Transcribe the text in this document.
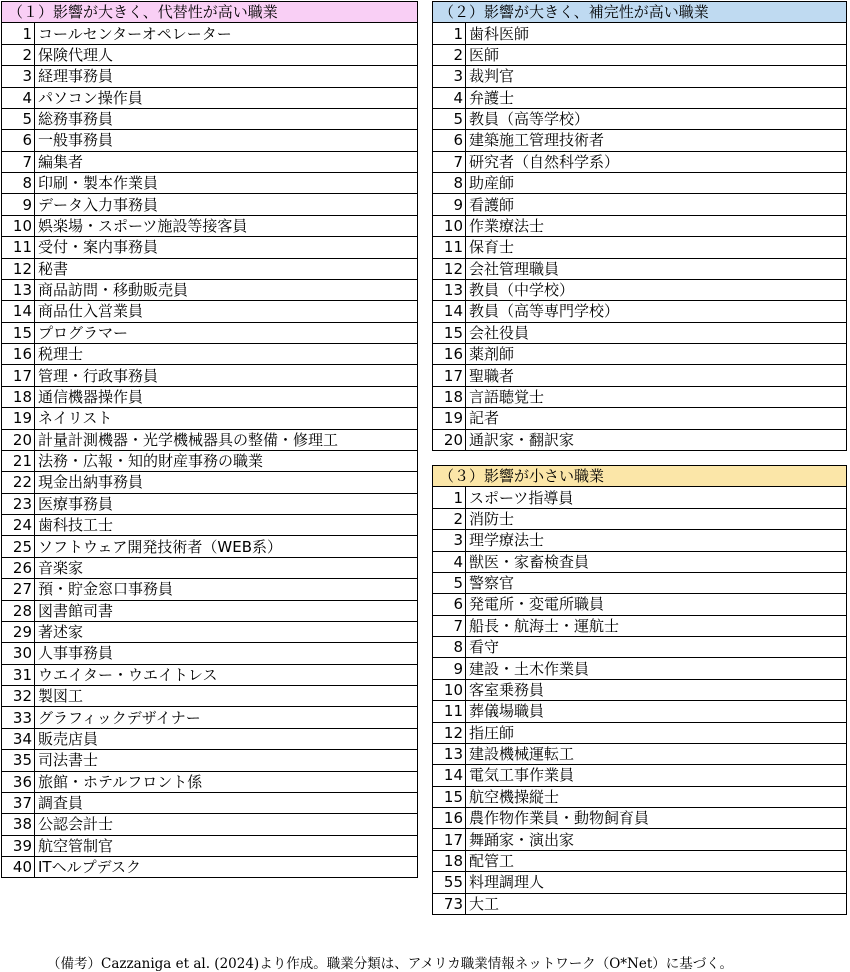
（１）影響が大きく、代替性が高い職業	
1	コールセンターオペレーター
2	保険代理人
3	経理事務員
4	パソコン操作員
5	総務事務員
6	一般事務員
7	編集者
8	印刷・製本作業員
9	データ入力事務員
10	娯楽場・スポーツ施設等接客員
11	受付・案内事務員
12	秘書
13	商品訪問・移動販売員
14	商品仕入営業員
15	プログラマー
16	税理士
17	管理・行政事務員
18	通信機器操作員
19	ネイリスト
20	計量計測機器・光学機械器具の整備・修理工
21	法務・広報・知的財産事務の職業
22	現金出納事務員
23	医療事務員
24	歯科技工士
25	ソフトウェア開発技術者（WEB系）
26	音楽家
27	預・貯金窓口事務員
28	図書館司書
29	著述家
30	人事事務員
31	ウエイター・ウエイトレス
32	製図工
33	グラフィックデザイナー
34	販売店員
35	司法書士
36	旅館・ホテルフロント係
37	調査員
38	公認会計士
39	航空管制官
40	ITヘルプデスク
（２）影響が大きく、補完性が高い職業	
1	歯科医師
2	医師
3	裁判官
4	弁護士
5	教員（高等学校）
6	建築施工管理技術者
7	研究者（自然科学系）
8	助産師
9	看護師
10	作業療法士
11	保育士
12	会社管理職員
13	教員（中学校）
14	教員（高等専門学校）
15	会社役員
16	薬剤師
17	聖職者
18	言語聴覚士
19	記者
20	通訳家・翻訳家
（３）影響が小さい職業	
1	スポーツ指導員
2	消防士
3	理学療法士
4	獣医・家畜検査員
5	警察官
6	発電所・変電所職員
7	船長・航海士・運航士
8	看守
9	建設・土木作業員
10	客室乗務員
11	葬儀場職員
12	指圧師
13	建設機械運転工
14	電気工事作業員
15	航空機操縦士
16	農作物作業員・動物飼育員
17	舞踊家・演出家
18	配管工
55	料理調理人
73	大工
（備考）Cazzaniga et al. (2024)より作成。職業分類は、アメリカ職業情報ネットワーク（O*Net）に基づく。
